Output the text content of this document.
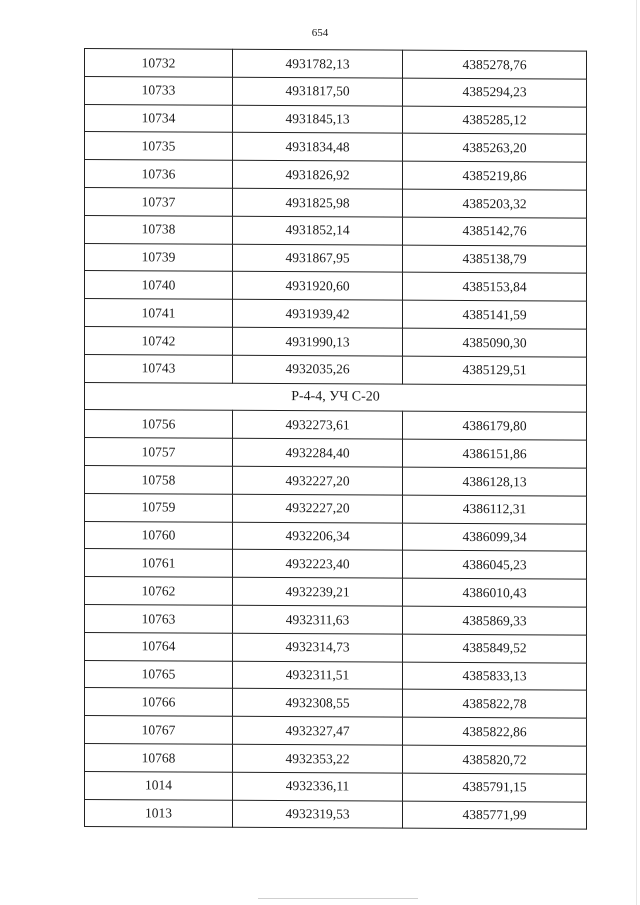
654
10732	4931782,13	4385278,76
10733	4931817,50	4385294,23
10734	4931845,13	4385285,12
10735	4931834,48	4385263,20
10736	4931826,92	4385219,86
10737	4931825,98	4385203,32
10738	4931852,14	4385142,76
10739	4931867,95	4385138,79
10740	4931920,60	4385153,84
10741	4931939,42	4385141,59
10742	4931990,13	4385090,30
10743	4932035,26	4385129,51
Р-4-4, УЧ С-20		
10756	4932273,61	4386179,80
10757	4932284,40	4386151,86
10758	4932227,20	4386128,13
10759	4932227,20	4386112,31
10760	4932206,34	4386099,34
10761	4932223,40	4386045,23
10762	4932239,21	4386010,43
10763	4932311,63	4385869,33
10764	4932314,73	4385849,52
10765	4932311,51	4385833,13
10766	4932308,55	4385822,78
10767	4932327,47	4385822,86
10768	4932353,22	4385820,72
1014	4932336,11	4385791,15
1013	4932319,53	4385771,99
